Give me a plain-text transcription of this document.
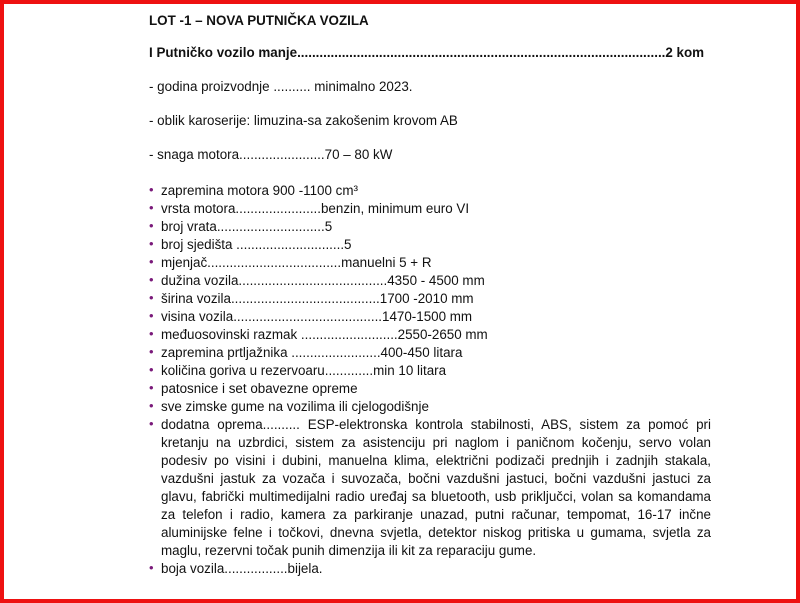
LOT -1 – NOVA PUTNIČKA VOZILA

I Putničko vozilo manje...................................................................................................2 kom

- godina proizvodnje .......... minimalno 2023.

- oblik karoserije: limuzina-sa zakošenim krovom AB

- snaga motora.......................70 – 80 kW

• zapremina motora 900 -1100 cm³
• vrsta motora.......................benzin, minimum euro VI
• broj vrata.............................5
• broj sjedišta .............................5
• mjenjač....................................manuelni 5 + R
• dužina vozila........................................4350 - 4500 mm
• širina vozila........................................1700 -2010 mm
• visina vozila........................................1470-1500 mm
• međuosovinski razmak ..........................2550-2650 mm
• zapremina prtljažnika ........................400-450 litara
• količina goriva u rezervoaru.............min 10 litara
• patosnice i set obavezne opreme
• sve zimske gume na vozilima ili cjelogodišnje
• dodatna oprema.......... ESP-elektronska kontrola stabilnosti, ABS, sistem za pomoć pri kretanju na uzbrdici, sistem za asistenciju pri naglom i paničnom kočenju, servo volan podesiv po visini i dubini, manuelna klima, električni podizači prednjih i zadnjih stakala, vazdušni jastuk za vozača i suvozača, bočni vazdušni jastuci, bočni vazdušni jastuci za glavu, fabrički multimedijalni radio uređaj sa bluetooth, usb priključci, volan sa komandama za telefon i radio, kamera za parkiranje unazad, putni računar, tempomat, 16-17 inčne aluminijske felne i točkovi, dnevna svjetla, detektor niskog pritiska u gumama, svjetla za maglu, rezervni točak punih dimenzija ili kit za reparaciju gume.
• boja vozila.................bijela.
